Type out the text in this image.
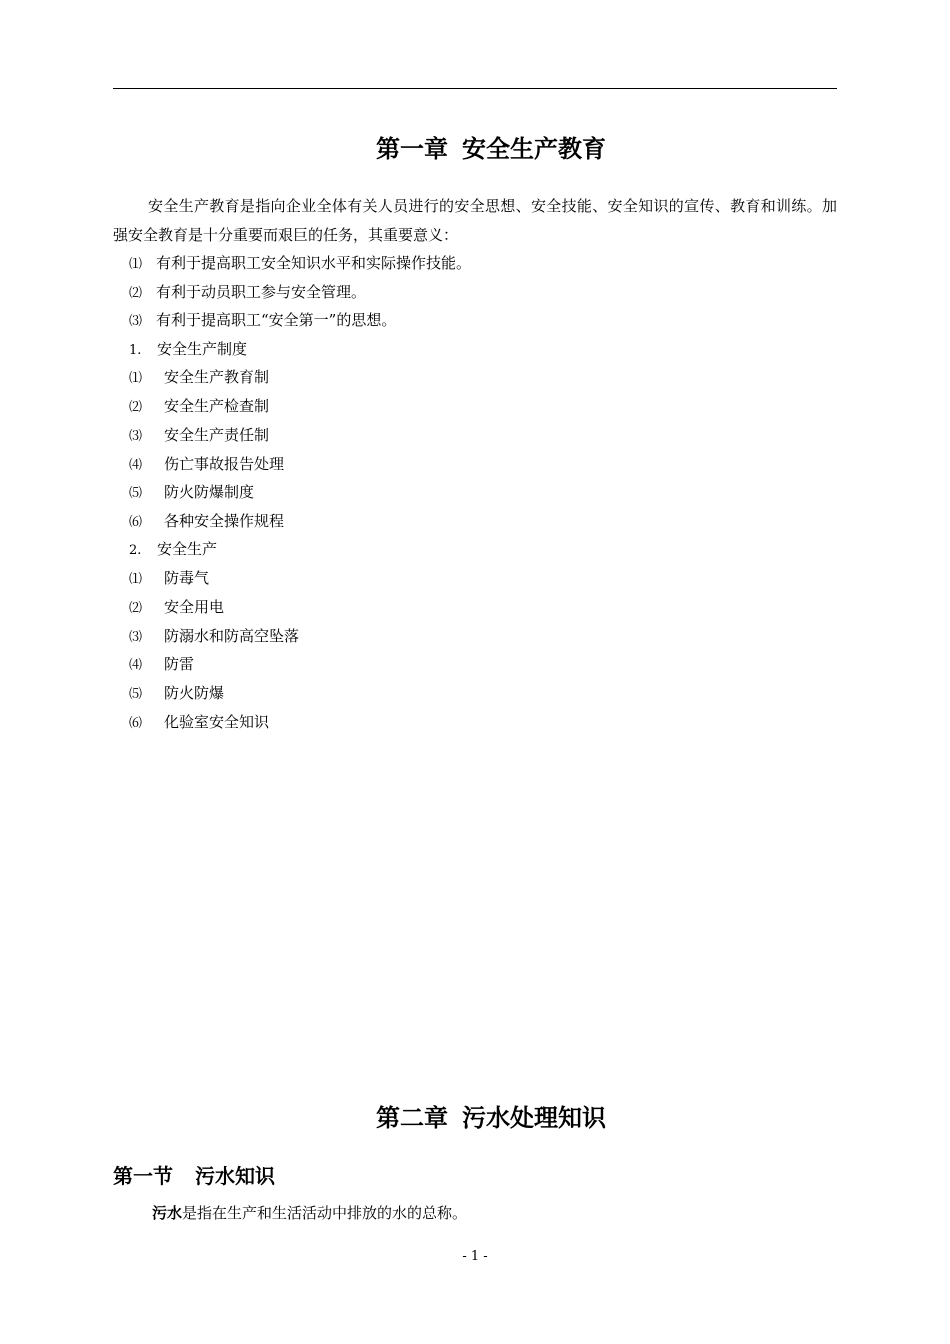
第一章 安全生产教育

安全生产教育是指向企业全体有关人员进行的安全思想、安全技能、安全知识的宣传、教育和训练。加强安全教育是十分重要而艰巨的任务，其重要意义：

⑴ 有利于提高职工安全知识水平和实际操作技能。

⑵ 有利于动员职工参与安全管理。

⑶ 有利于提高职工“安全第一”的思想。

1. 安全生产制度

⑴ 安全生产教育制

⑵ 安全生产检查制

⑶ 安全生产责任制

⑷ 伤亡事故报告处理

⑸ 防火防爆制度

⑹ 各种安全操作规程

2. 安全生产

⑴ 防毒气

⑵ 安全用电

⑶ 防溺水和防高空坠落

⑷ 防雷

⑸ 防火防爆

⑹ 化验室安全知识

第二章 污水处理知识
第一节 污水知识

污水是指在生产和生活活动中排放的水的总称。

- 1 -
